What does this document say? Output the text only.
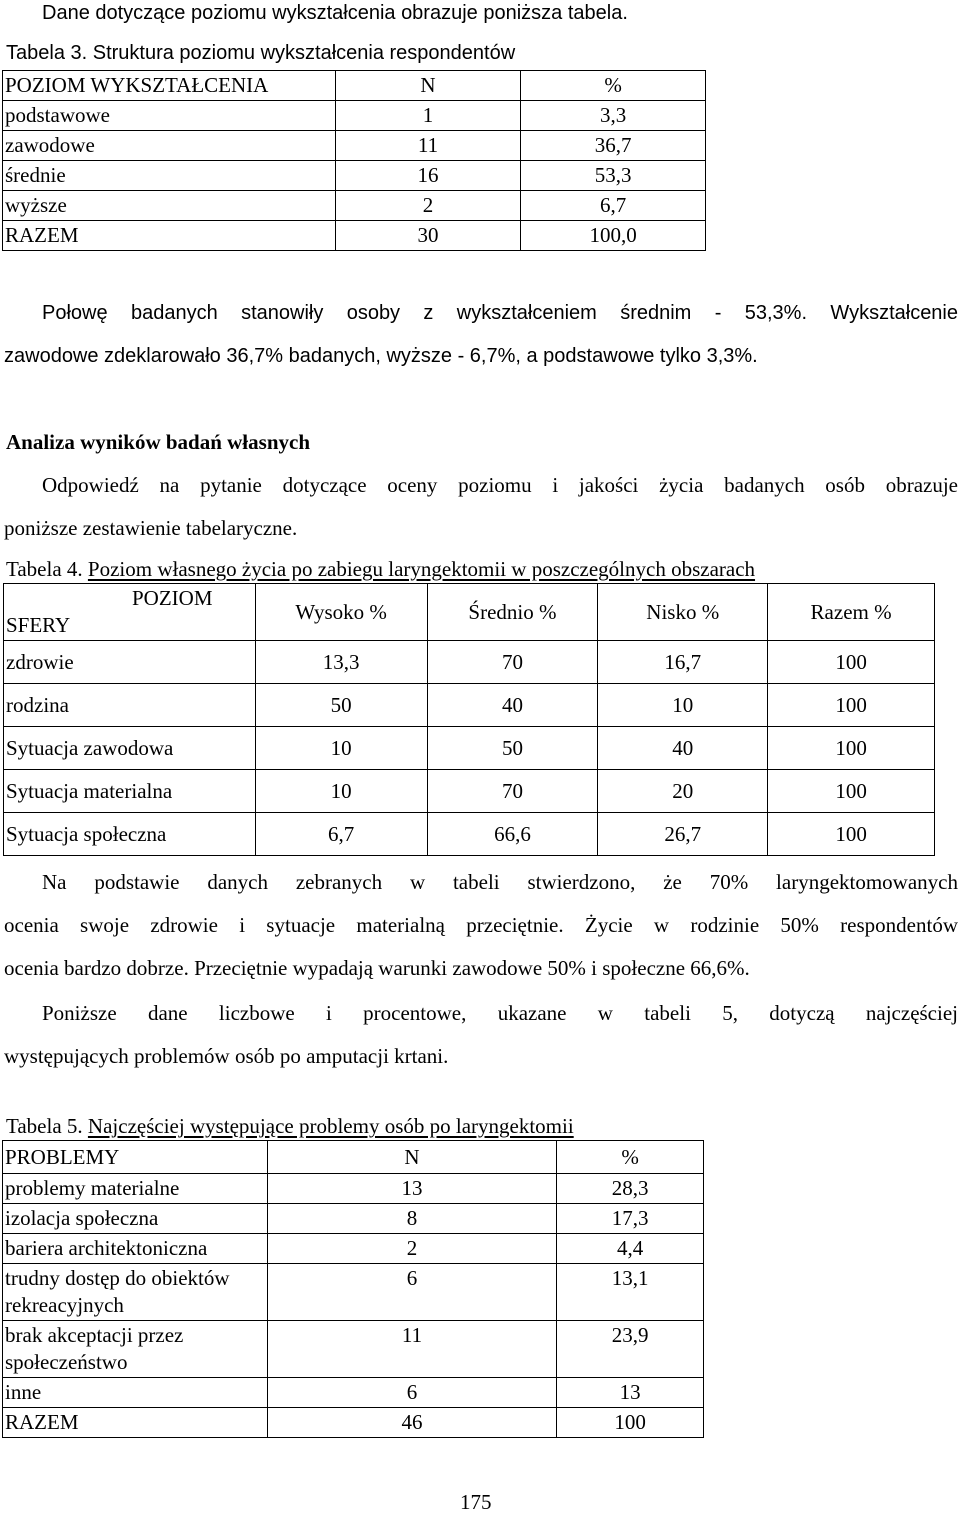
Dane dotyczące poziomu wykształcenia obrazuje poniższa tabela.
Tabela 3. Struktura poziomu wykształcenia respondentów
POZIOM WYKSZTAŁCENIA	N	%
podstawowe	1	3,3
zawodowe	11	36,7
średnie	16	53,3
wyższe	2	6,7
RAZEM	30	100,0
Połowę badanych stanowiły osoby z wykształceniem średnim - 53,3%. Wykształcenie
zawodowe zdeklarowało 36,7% badanych, wyższe - 6,7%, a podstawowe tylko 3,3%.
Analiza wyników badań własnych
Odpowiedź na pytanie dotyczące oceny poziomu i jakości życia badanych osób obrazuje
poniższe zestawienie tabelaryczne.
Tabela 4. Poziom własnego życia po zabiegu laryngektomii w poszczególnych obszarach
POZIOM
SFERY	Wysoko %	Średnio %	Nisko %	Razem %
zdrowie	13,3	70	16,7	100
rodzina	50	40	10	100
Sytuacja zawodowa	10	50	40	100
Sytuacja materialna	10	70	20	100
Sytuacja społeczna	6,7	66,6	26,7	100
Na podstawie danych zebranych w tabeli stwierdzono, że 70% laryngektomowanych
ocenia swoje zdrowie i sytuacje materialną przeciętnie. Życie w rodzinie 50% respondentów
ocenia bardzo dobrze. Przeciętnie wypadają warunki zawodowe 50% i społeczne 66,6%.
Poniższe dane liczbowe i procentowe, ukazane w tabeli 5, dotyczą najczęściej
występujących problemów osób po amputacji krtani.
Tabela 5. Najczęściej występujące problemy osób po laryngektomii
PROBLEMY	N	%
problemy materialne	13	28,3
izolacja społeczna	8	17,3
bariera architektoniczna	2	4,4
trudny dostęp do obiektów rekreacyjnych	6	13,1
brak akceptacji przez społeczeństwo	11	23,9
inne	6	13
RAZEM	46	100
175
